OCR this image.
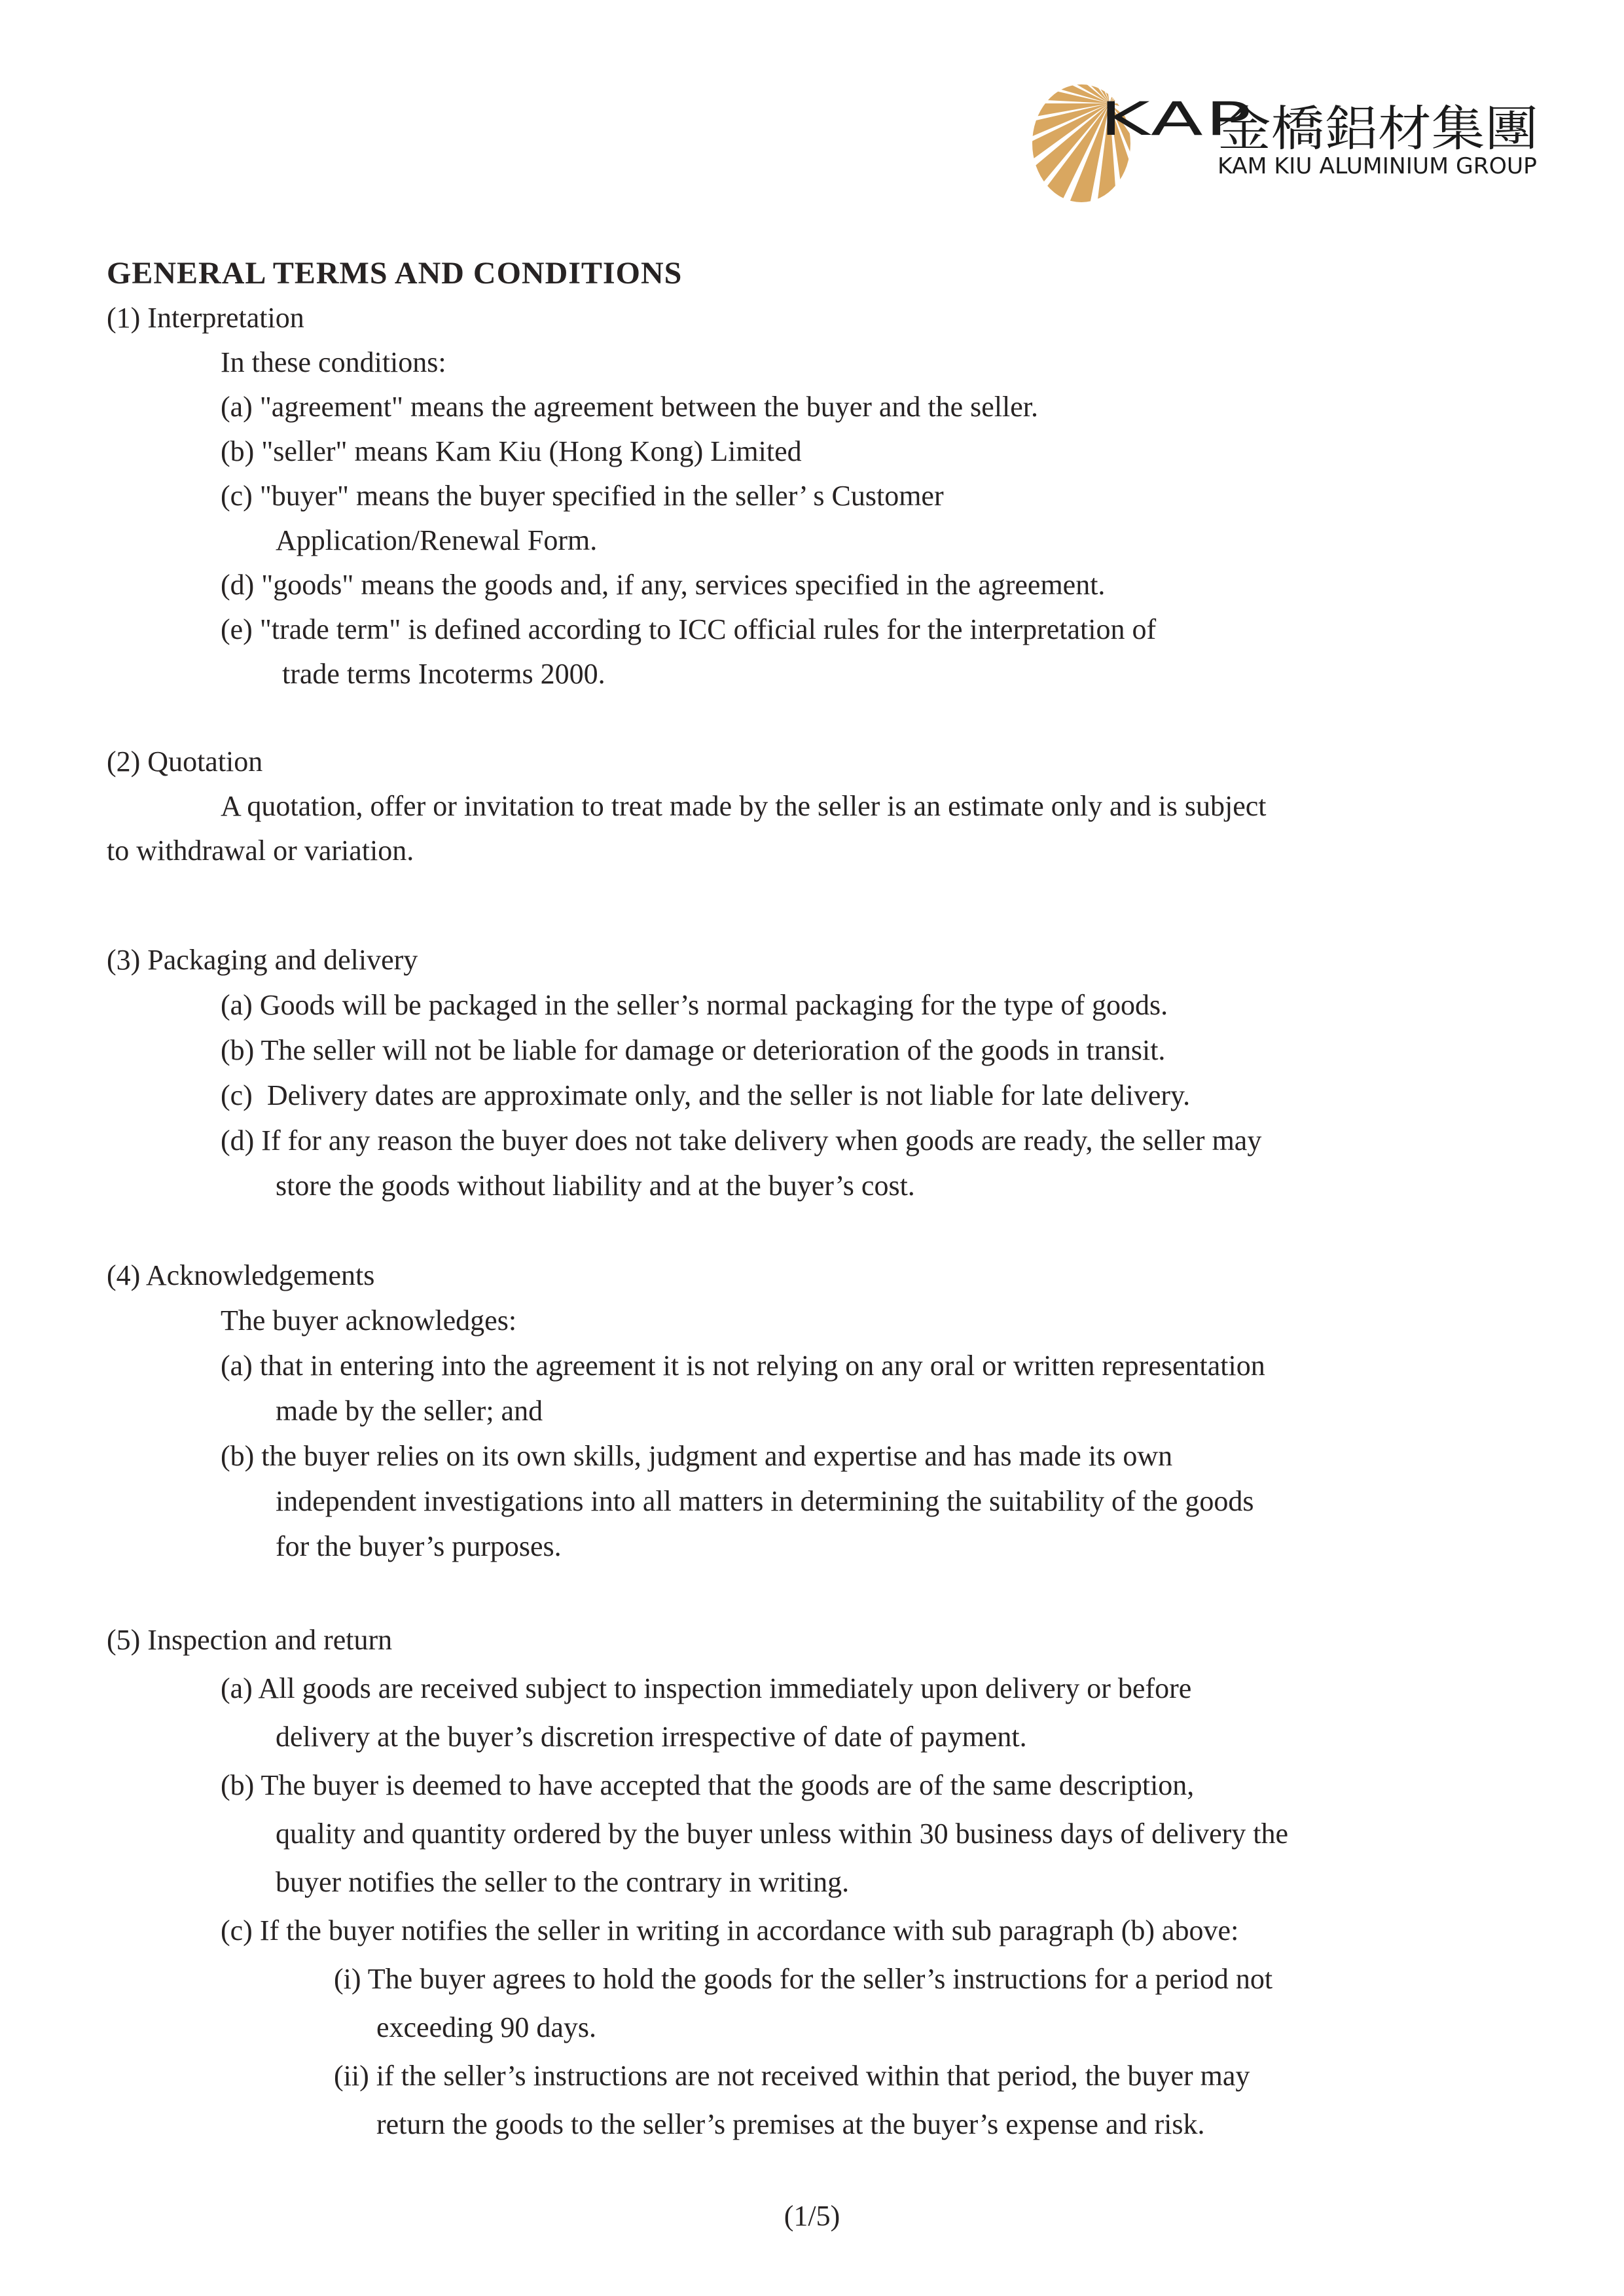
KAP
金橋鋁材集團
KAM KIU ALUMINIUM GROUP
GENERAL TERMS AND CONDITIONS
(1) Interpretation
In these conditions:
(a) "agreement" means the agreement between the buyer and the seller.
(b) "seller" means Kam Kiu (Hong Kong) Limited
(c) "buyer" means the buyer specified in the seller’ s Customer
Application/Renewal Form.
(d) "goods" means the goods and, if any, services specified in the agreement.
(e) "trade term" is defined according to ICC official rules for the interpretation of
trade terms Incoterms 2000.
(2) Quotation
A quotation, offer or invitation to treat made by the seller is an estimate only and is subject
to withdrawal or variation.
(3) Packaging and delivery
(a) Goods will be packaged in the seller’s normal packaging for the type of goods.
(b) The seller will not be liable for damage or deterioration of the goods in transit.
(c)  Delivery dates are approximate only, and the seller is not liable for late delivery.
(d) If for any reason the buyer does not take delivery when goods are ready, the seller may
store the goods without liability and at the buyer’s cost.
(4) Acknowledgements
The buyer acknowledges:
(a) that in entering into the agreement it is not relying on any oral or written representation
made by the seller; and
(b) the buyer relies on its own skills, judgment and expertise and has made its own
independent investigations into all matters in determining the suitability of the goods
for the buyer’s purposes.
(5) Inspection and return
(a) All goods are received subject to inspection immediately upon delivery or before
delivery at the buyer’s discretion irrespective of date of payment.
(b) The buyer is deemed to have accepted that the goods are of the same description,
quality and quantity ordered by the buyer unless within 30 business days of delivery the
buyer notifies the seller to the contrary in writing.
(c) If the buyer notifies the seller in writing in accordance with sub paragraph (b) above:
(i) The buyer agrees to hold the goods for the seller’s instructions for a period not
exceeding 90 days.
(ii) if the seller’s instructions are not received within that period, the buyer may
return the goods to the seller’s premises at the buyer’s expense and risk.
(1/5)
